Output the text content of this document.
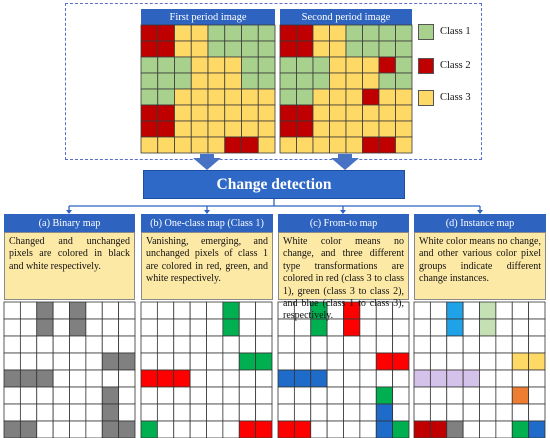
First period image	Second period image
Class 1
Class 2
Class 3
Change detection
(a) Binary map	(b) One-class map (Class 1)	(c) From-to map	(d) Instance map
Changed and unchanged pixels are colored in black and white respectively.
Vanishing, emerging, and unchanged pixels of class 1 are colored in red, green, and white respectively.
White color means no change, and three different type transformations are colored in red (class 3 to class 1), green (class 3 to class 2), and blue (class 1 to class 3), respectively.
White color means no change, and other various color pixel groups indicate different change instances.
